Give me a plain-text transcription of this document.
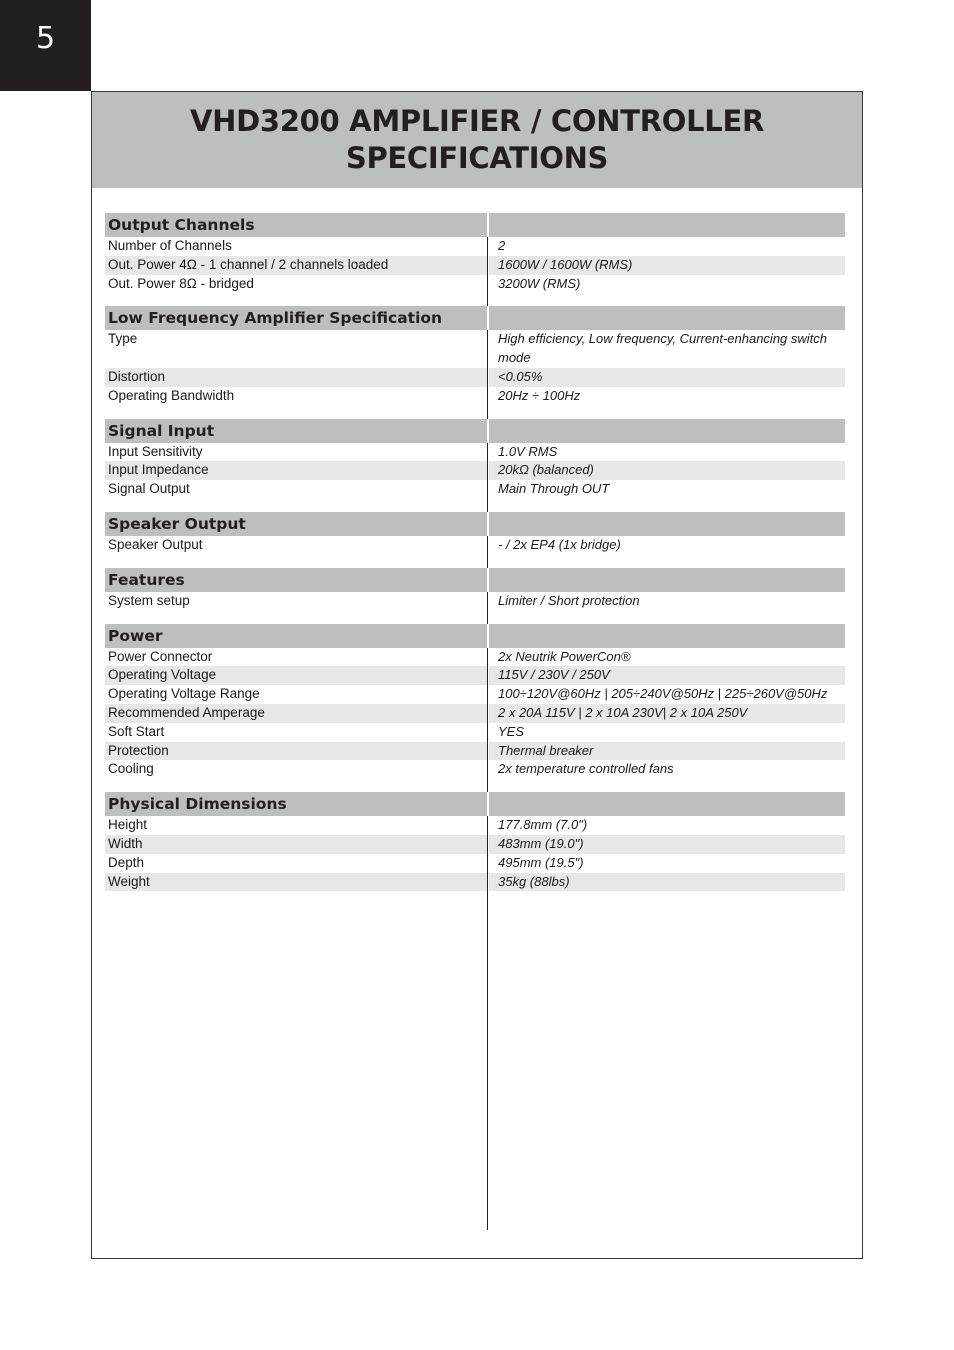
5
VHD3200 AMPLIFIER / CONTROLLER
SPECIFICATIONS
Output Channels
Number of Channels	2
Out. Power 4Ω - 1 channel / 2 channels loaded	1600W / 1600W (RMS)
Out. Power 8Ω - bridged	3200W (RMS)
Low Frequency Amplifier Specification
Type	High efficiency, Low frequency, Current-enhancing switch mode
Distortion	<0.05%
Operating Bandwidth	20Hz ÷ 100Hz
Signal Input
Input Sensitivity	1.0V RMS
Input Impedance	20kΩ (balanced)
Signal Output	Main Through OUT
Speaker Output
Speaker Output	- / 2x EP4 (1x bridge)
Features
System setup	Limiter / Short protection
Power
Power Connector	2x Neutrik PowerCon®
Operating Voltage	115V / 230V / 250V
Operating Voltage Range	100÷120V@60Hz | 205÷240V@50Hz | 225÷260V@50Hz
Recommended Amperage	2 x 20A 115V | 2 x 10A 230V| 2 x 10A 250V
Soft Start	YES
Protection	Thermal breaker
Cooling	2x temperature controlled fans
Physical Dimensions
Height	177.8mm (7.0")
Width	483mm (19.0")
Depth	495mm (19.5")
Weight	35kg (88lbs)
